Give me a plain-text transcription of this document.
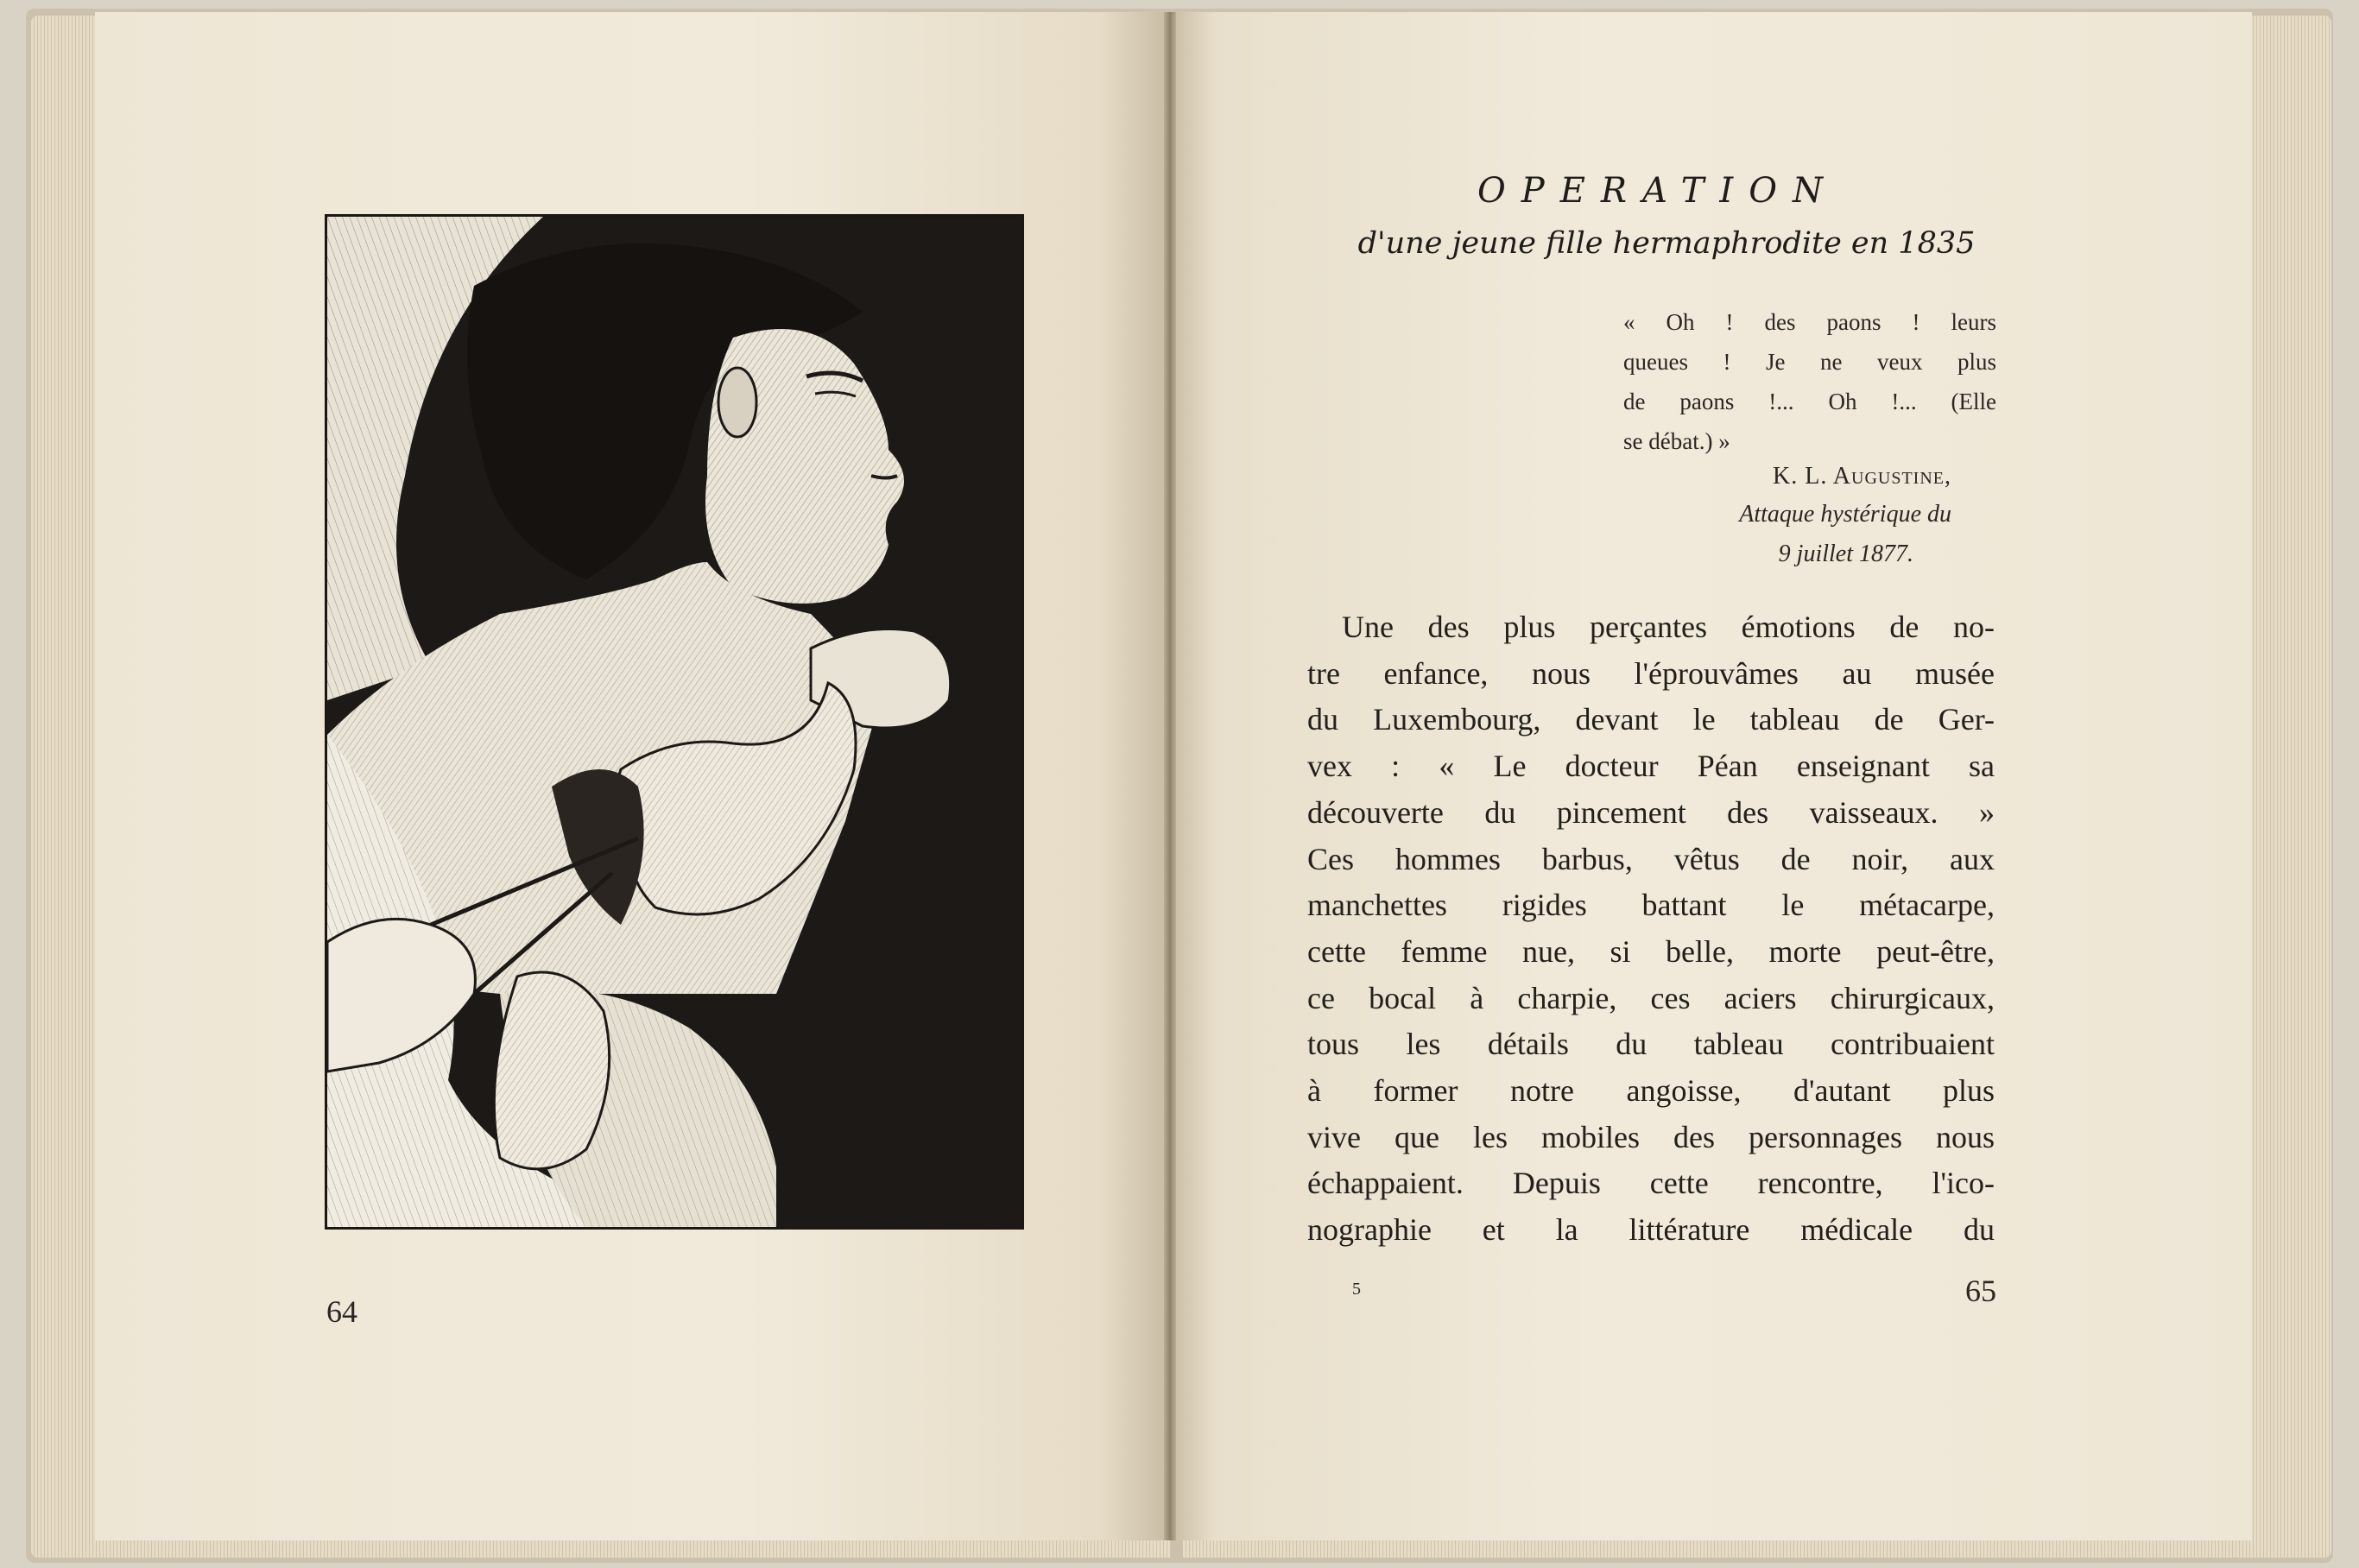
64

OPERATION

d'une jeune fille hermaphrodite en 1835

« Oh ! des paons ! leurs

queues ! Je ne veux plus

de paons !... Oh !... (Elle

se débat.) »

K. L. Augustine,

Attaque hystérique du

9 juillet 1877.

Une des plus perçantes émotions de no-
tre enfance, nous l'éprouvâmes au musée
du Luxembourg, devant le tableau de Ger-
vex : « Le docteur Péan enseignant sa
découverte du pincement des vaisseaux. »
Ces hommes barbus, vêtus de noir, aux
manchettes rigides battant le métacarpe,
cette femme nue, si belle, morte peut-être,
ce bocal à charpie, ces aciers chirurgicaux,
tous les détails du tableau contribuaient
à former notre angoisse, d'autant plus
vive que les mobiles des personnages nous
échappaient. Depuis cette rencontre, l'ico-
nographie et la littérature médicale du

5	65
